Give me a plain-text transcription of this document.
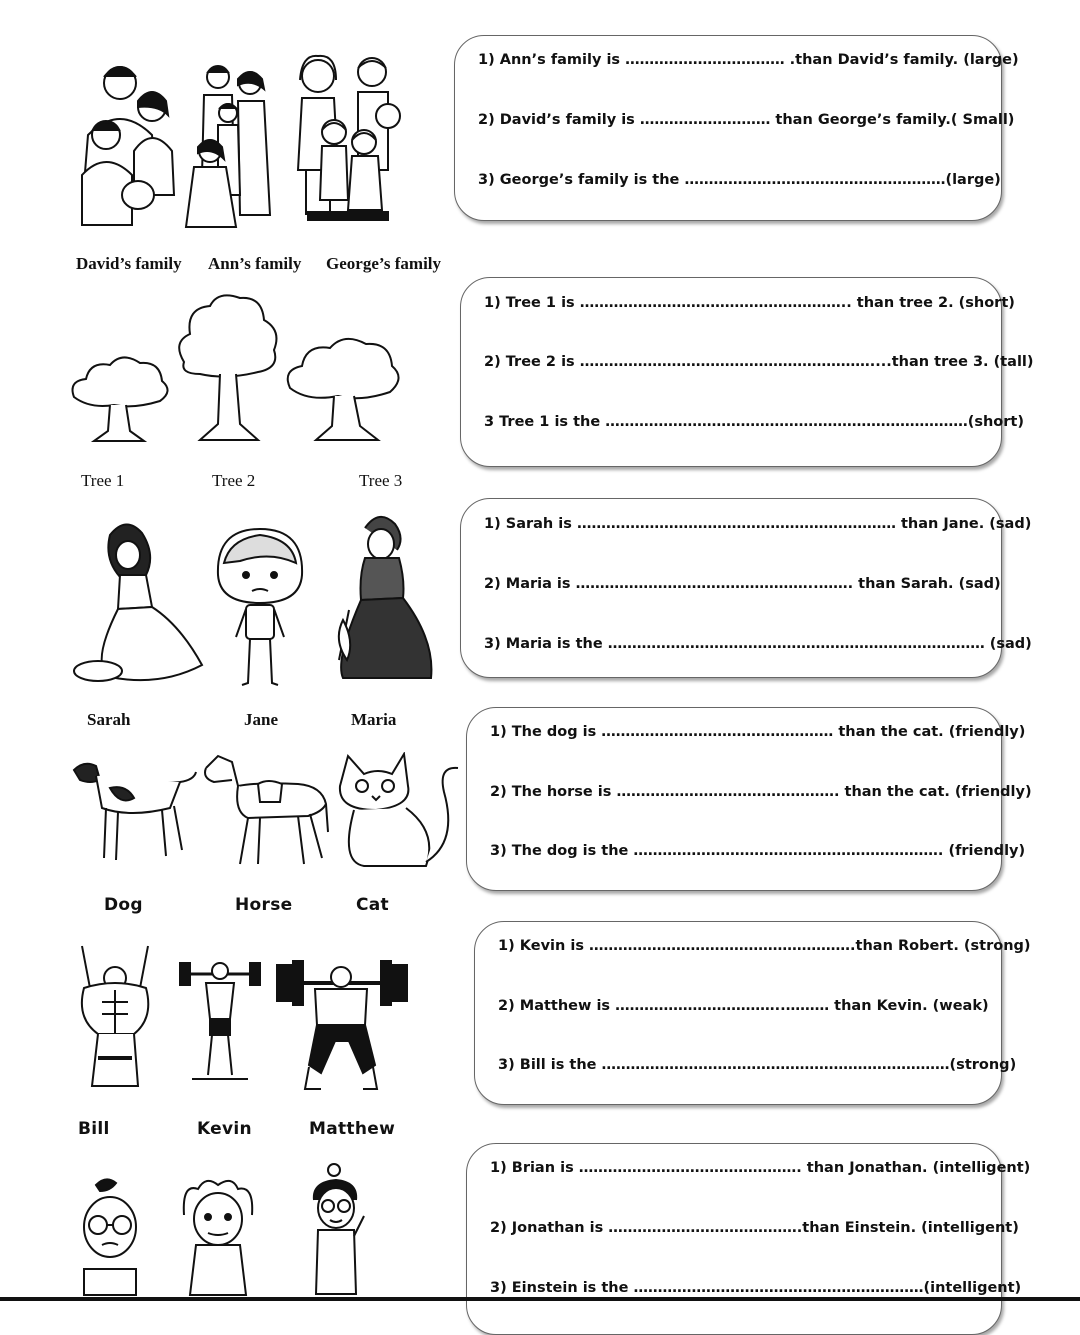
David’s family Ann’s family George’s family
1) Ann’s family is …………………………… .than David’s family. (large)
2) David’s family is ……………………… than George’s family.( Small)
3) George’s family is the ………………………………………………(large)
Tree 1	Tree 2	Tree 3
1) Tree 1 is ……………………………………………….. than tree 2. (short)
2) Tree 2 is ……………………………………………………....than tree 3. (tall)
3 Tree 1 is the …………………………………………………………………(short)
Sarah	Jane	Maria
1) Sarah is ………………………………………………………… than Jane. (sad)
2) Maria is …………………………………………..……. than Sarah. (sad)
3) Maria is the …………………………………………………………………… (sad)
Dog	Horse	Cat
1) The dog is ………………………………………… than the cat. (friendly)
2) The horse is ………………………………………. than the cat. (friendly)
3) The dog is the ………………………………………………………. (friendly)
Bill	Kevin	Matthew
1) Kevin is ……………………………………………….than Robert. (strong)
2) Matthew is ……………………………..……… than Kevin. (weak)
3) Bill is the ………………………………………………………………(strong)
1) Brian is ………………………………………. than Jonathan. (intelligent)
2) Jonathan is ………………………………….than Einstein. (intelligent)
3) Einstein is the ……………………………………………………(intelligent)
